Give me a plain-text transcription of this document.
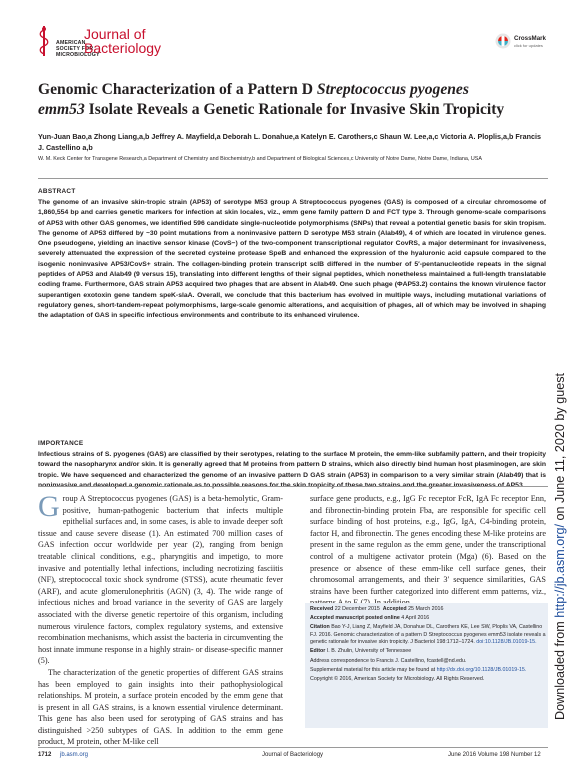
AMERICAN
SOCIETY FOR
MICROBIOLOGY
Journal of
Bacteriology
CrossMark
click for updates
Genomic Characterization of a Pattern D Streptococcus pyogenes
emm53 Isolate Reveals a Genetic Rationale for Invasive Skin Tropicity
Yun-Juan Bao,a Zhong Liang,a,b Jeffrey A. Mayfield,a Deborah L. Donahue,a Katelyn E. Carothers,c Shaun W. Lee,a,c Victoria A. Ploplis,a,b Francis J. Castellino a,b
W. M. Keck Center for Transgene Research,a Department of Chemistry and Biochemistry,b and Department of Biological Sciences,c University of Notre Dame, Notre Dame, Indiana, USA
ABSTRACT
The genome of an invasive skin-tropic strain (AP53) of serotype M53 group A Streptococcus pyogenes (GAS) is composed of a circular chromosome of 1,860,554 bp and carries genetic markers for infection at skin locales, viz., emm gene family pattern D and FCT type 3. Through genome-scale comparisons of AP53 with other GAS genomes, we identified 596 candidate single-nucleotide polymorphisms (SNPs) that reveal a potential genetic basis for skin tropism. The genome of AP53 differed by ~30 point mutations from a noninvasive pattern D serotype M53 strain (Alab49), 4 of which are located in virulence genes. One pseudogene, yielding an inactive sensor kinase (CovS−) of the two-component transcriptional regulator CovRS, a major determinant for invasiveness, severely attenuated the expression of the secreted cysteine protease SpeB and enhanced the expression of the hyaluronic acid capsule compared to the isogenic noninvasive AP53/CovS+ strain. The collagen-binding protein transcript sclB differed in the number of 5′-pentanucleotide repeats in the signal peptides of AP53 and Alab49 (9 versus 15), translating into different lengths of their signal peptides, which nonetheless maintained a full-length translatable coding frame. Furthermore, GAS strain AP53 acquired two phages that are absent in Alab49. One such phage (ΦAP53.2) contains the known virulence factor superantigen exotoxin gene tandem speK-slaA. Overall, we conclude that this bacterium has evolved in multiple ways, including mutational variations of regulatory genes, short-tandem-repeat polymorphisms, large-scale genomic alterations, and acquisition of phages, all of which may be involved in shaping the adaptation of GAS in specific infectious environments and contribute to its enhanced virulence.
IMPORTANCE
Infectious strains of S. pyogenes (GAS) are classified by their serotypes, relating to the surface M protein, the emm-like subfamily pattern, and their tropicity toward the nasopharynx and/or skin. It is generally agreed that M proteins from pattern D strains, which also directly bind human host plasminogen, are skin tropic. We have sequenced and characterized the genome of an invasive pattern D GAS strain (AP53) in comparison to a very similar strain (Alab49) that is noninvasive and developed a genomic rationale as to possible reasons for the skin tropicity of these two strains and the greater invasiveness of AP53.
G roup A Streptococcus pyogenes (GAS) is a beta-hemolytic, Gram-positive, human-pathogenic bacterium that infects multiple epithelial surfaces and, in some cases, is able to invade deeper soft tissue and cause severe disease (1). An estimated 700 million cases of GAS infection occur worldwide per year (2), ranging from benign treatable clinical conditions, e.g., pharyngitis and impetigo, to more invasive and potentially lethal infections, including necrotizing fasciitis (NF), streptococcal toxic shock syndrome (STSS), acute rheumatic fever (ARF), and acute glomerulonephritis (AGN) (3, 4). The wide range of infectious niches and broad variance in the severity of GAS are largely associated with the diverse genetic repertoire of this organism, including numerous virulence factors, complex regulatory systems, and extensive recombination mechanisms, which assist the bacteria in circumventing the host innate immune response in a highly strain- or disease-specific manner (5).
The characterization of the genetic properties of different GAS strains has been employed to gain insights into their pathophysiological relationships. M protein, a surface protein encoded by the emm gene that is present in all GAS strains, is a known essential virulence determinant. This gene has also been used for serotyping of GAS strains and has distinguished >250 subtypes of GAS. In addition to the emm gene product, M protein, other M-like cell
surface gene products, e.g., IgG Fc receptor FcR, IgA Fc receptor Enn, and fibronectin-binding protein Fba, are responsible for specific cell surface binding of host proteins, e.g., IgG, IgA, C4-binding protein, factor H, and fibronectin. The genes encoding these M-like proteins are present in the same regulon as the emm gene, under the transcriptional control of a multigene activator protein (Mga) (6). Based on the presence or absence of these emm-like cell surface genes, their chromosomal arrangements, and their 3′ sequence similarities, GAS strains have been further categorized into different emm patterns, viz.,

Received 22 December 2015 Accepted 25 March 2016

Accepted manuscript posted online 4 April 2016

Citation Bao Y-J, Liang Z, Mayfield JA, Donahue DL, Carothers KE, Lee SW, Ploplis VA, Castellino FJ. 2016. Genomic characterization of a pattern D Streptococcus pyogenes emm53 isolate reveals a genetic rationale for invasive skin tropicity. J Bacteriol 198:1712–1724. doi:10.1128/JB.01019-15.

Editor I. B. Zhulin, University of Tennessee

Address correspondence to Francis J. Castellino, fcastell@nd.edu.

Supplemental material for this article may be found at http://dx.doi.org/10.1128/JB.01019-15.

Copyright © 2016, American Society for Microbiology. All Rights Reserved.	Downloaded from http://jb.asm.org/ on June 11, 2020 by guest
1712 jb.asm.org	Journal of Bacteriology	June 2016 Volume 198 Number 12
